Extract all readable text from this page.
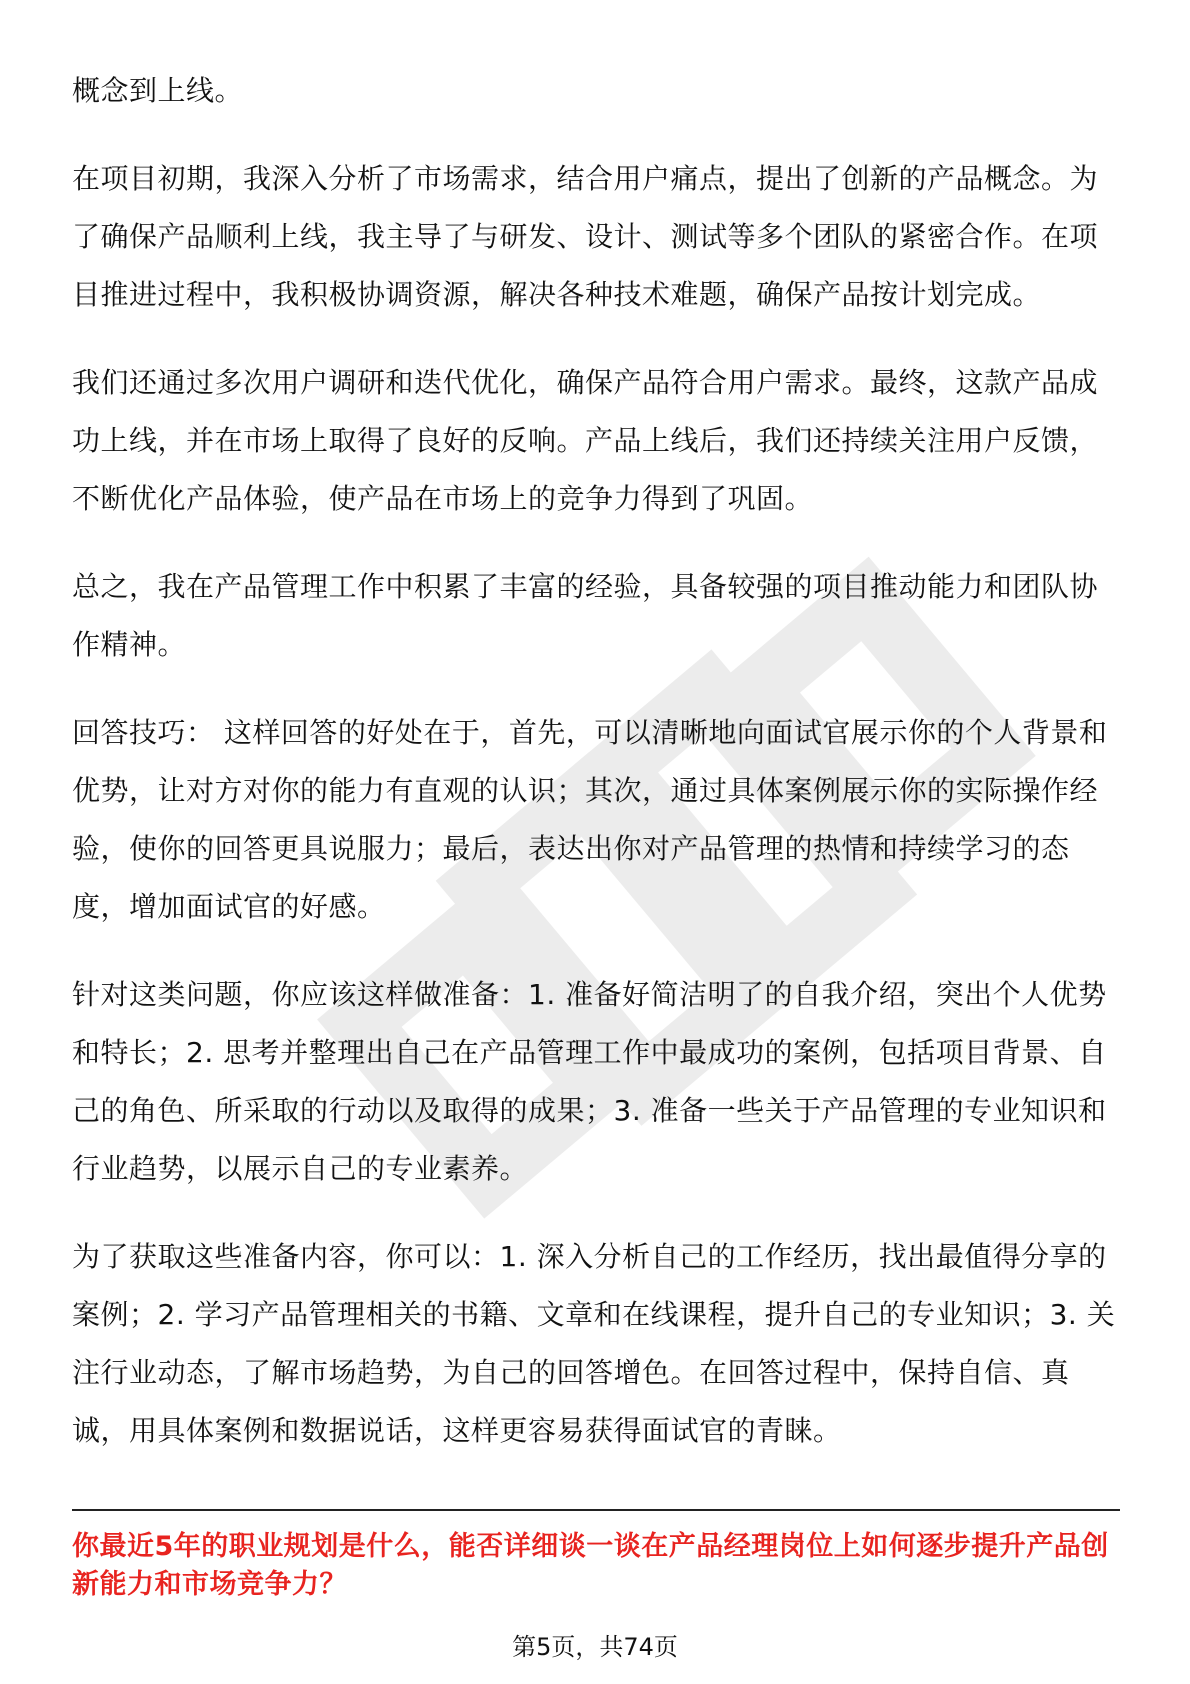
概念到上线。

在项目初期，我深入分析了市场需求，结合用户痛点，提出了创新的产品概念。为了确保产品顺利上线，我主导了与研发、设计、测试等多个团队的紧密合作。在项目推进过程中，我积极协调资源，解决各种技术难题，确保产品按计划完成。

我们还通过多次用户调研和迭代优化，确保产品符合用户需求。最终，这款产品成功上线，并在市场上取得了良好的反响。产品上线后，我们还持续关注用户反馈，不断优化产品体验，使产品在市场上的竞争力得到了巩固。

总之，我在产品管理工作中积累了丰富的经验，具备较强的项目推动能力和团队协作精神。

回答技巧： 这样回答的好处在于，首先，可以清晰地向面试官展示你的个人背景和优势，让对方对你的能力有直观的认识；其次，通过具体案例展示你的实际操作经验，使你的回答更具说服力；最后，表达出你对产品管理的热情和持续学习的态度，增加面试官的好感。

针对这类问题，你应该这样做准备：1. 准备好简洁明了的自我介绍，突出个人优势和特长；2. 思考并整理出自己在产品管理工作中最成功的案例，包括项目背景、自己的角色、所采取的行动以及取得的成果；3. 准备一些关于产品管理的专业知识和行业趋势，以展示自己的专业素养。

为了获取这些准备内容，你可以：1. 深入分析自己的工作经历，找出最值得分享的案例；2. 学习产品管理相关的书籍、文章和在线课程，提升自己的专业知识；3. 关注行业动态，了解市场趋势，为自己的回答增色。在回答过程中，保持自信、真诚，用具体案例和数据说话，这样更容易获得面试官的青睐。

你最近5年的职业规划是什么，能否详细谈一谈在产品经理岗位上如何逐步提升产品创新能力和市场竞争力？
第5页，共74页
